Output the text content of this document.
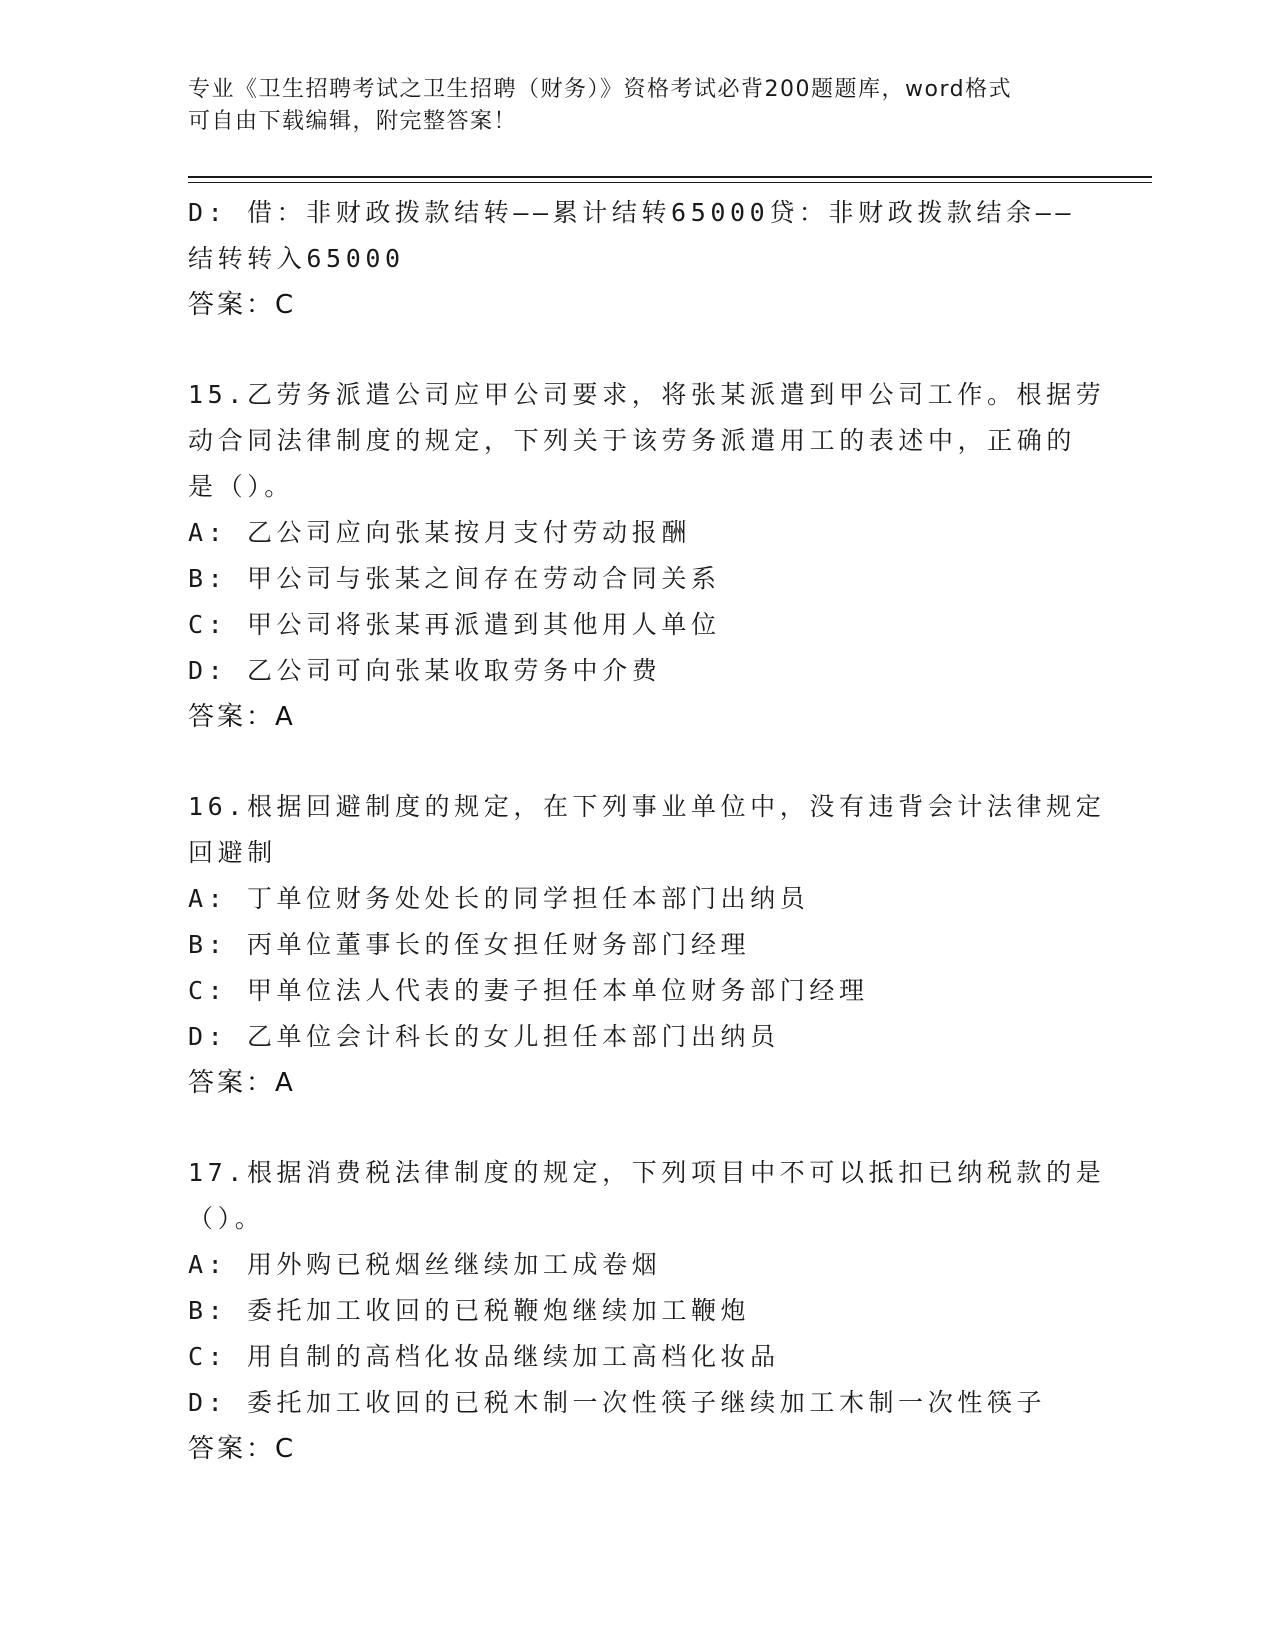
专业《卫生招聘考试之卫生招聘（财务）》资格考试必背200题题库，word格式
可自由下载编辑，附完整答案！
D: 借：非财政拨款结转——累计结转65000贷：非财政拨款结余——
结转转入65000
答案：C
15.乙劳务派遣公司应甲公司要求，将张某派遣到甲公司工作。根据劳
动合同法律制度的规定，下列关于该劳务派遣用工的表述中，正确的
是（）。
A: 乙公司应向张某按月支付劳动报酬
B: 甲公司与张某之间存在劳动合同关系
C: 甲公司将张某再派遣到其他用人单位
D: 乙公司可向张某收取劳务中介费
答案：A
16.根据回避制度的规定，在下列事业单位中，没有违背会计法律规定
回避制
A: 丁单位财务处处长的同学担任本部门出纳员
B: 丙单位董事长的侄女担任财务部门经理
C: 甲单位法人代表的妻子担任本单位财务部门经理
D: 乙单位会计科长的女儿担任本部门出纳员
答案：A
17.根据消费税法律制度的规定，下列项目中不可以抵扣已纳税款的是
（）。
A: 用外购已税烟丝继续加工成卷烟
B: 委托加工收回的已税鞭炮继续加工鞭炮
C: 用自制的高档化妆品继续加工高档化妆品
D: 委托加工收回的已税木制一次性筷子继续加工木制一次性筷子
答案：C
